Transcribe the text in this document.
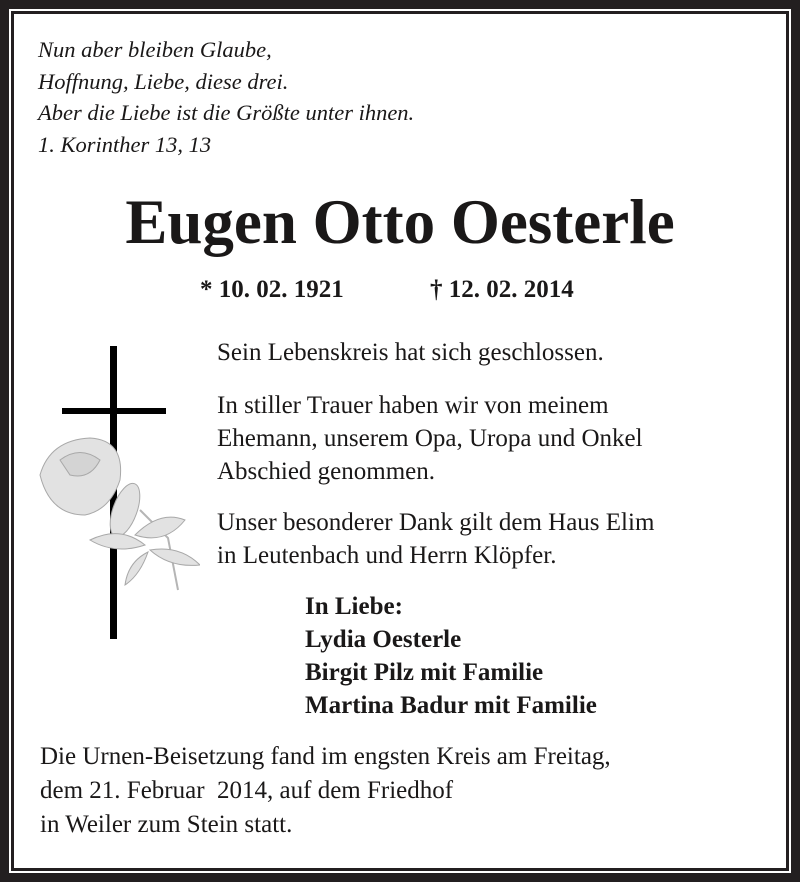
Nun aber bleiben Glaube,
Hoffnung, Liebe, diese drei.
Aber die Liebe ist die Größte unter ihnen.
1. Korinther 13, 13
Eugen Otto Oesterle
* 10. 02. 1921	† 12. 02. 2014
Sein Lebenskreis hat sich geschlossen.
In stiller Trauer haben wir von meinem
Ehemann, unserem Opa, Uropa und Onkel
Abschied genommen.
Unser besonderer Dank gilt dem Haus Elim
in Leutenbach und Herrn Klöpfer.
In Liebe:
Lydia Oesterle
Birgit Pilz mit Familie
Martina Badur mit Familie
Die Urnen-Beisetzung fand im engsten Kreis am Freitag,
dem 21. Februar  2014, auf dem Friedhof
in Weiler zum Stein statt.
